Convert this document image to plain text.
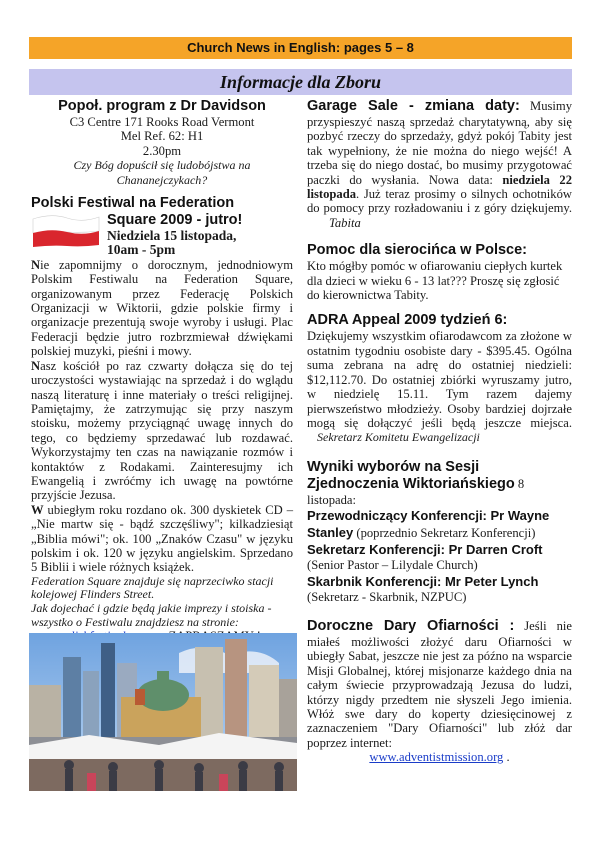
Church News in English: pages 5 – 8
Informacje dla Zboru
Popoł. program z Dr Davidson
C3 Centre 171 Rooks Road Vermont
Mel Ref. 62: H1
2.30pm
Czy Bóg dopuścił się ludobójstwa na Chananejczykach?
Polski Festiwal na Federation
Square 2009 - jutro!
Niedziela 15 listopada,
10am - 5pm
Nie zapomnijmy o dorocznym, jednodniowym Polskim Festiwalu na Federation Square, organizowanym przez Federację Polskich Organizacji w Wiktorii, gdzie polskie firmy i organizacje prezentują swoje wyroby i usługi. Plac Federacji będzie jutro rozbrzmiewał dźwiękami polskiej muzyki, pieśni i mowy.
Nasz kościół po raz czwarty dołącza się do tej uroczystości wystawiając na sprzedaż i do wglądu naszą literaturę i inne materiały o treści religijnej. Pamiętajmy, że zatrzymując się przy naszym stoisku, możemy przyciągnąć uwagę innych do tego, co będziemy sprzedawać lub rozdawać. Wykorzystajmy ten czas na nawiązanie rozmów i kontaktów z Rodakami. Zainteresujmy ich Ewangelią i zwróćmy ich uwagę na powtórne przyjście Jezusa.
W ubiegłym roku rozdano ok. 300 dyskietek CD – „Nie martw się - bądź szczęśliwy"; kilkadziesiąt „Biblia mówi"; ok. 100 „Znaków Czasu" w języku polskim i ok. 120 w języku angielskim. Sprzedano 5 Biblii i wiele różnych książek.
Federation Square znajduje się naprzeciwko stacji kolejowej Flinders Street.
Jak dojechać i gdzie będą jakie imprezy i stoiska - wszystko o Festiwalu znajdziesz na stronie:
Garage Sale - zmiana daty: Musimy przyspieszyć naszą sprzedaż charytatywną, aby się pozbyć rzeczy do sprzedaży, gdyż pokój Tabity jest tak wypełniony, że nie można do niego wejść! A trzeba się do niego dostać, bo musimy przygotować paczki do wysłania. Nowa data: niedziela 22 listopada. Już teraz prosimy o silnych ochotników do pomocy przy rozładowaniu i z góry dziękujemy. Tabita
Pomoc dla sierocińca w Polsce:
Kto mógłby pomóc w ofiarowaniu ciepłych kurtek dla dzieci w wieku 6 - 13 lat??? Proszę się zgłosić do kierownictwa Tabity.
ADRA Appeal 2009 tydzień 6:
Dziękujemy wszystkim ofiarodawcom za złożone w ostatnim tygodniu osobiste dary - $395.45. Ogólna suma zebrana na adrę do ostatniej niedzieli: $12,112.70. Do ostatniej zbiórki wyruszamy jutro, w niedzielę 15.11. Tym razem dajemy pierwszeństwo młodzieży. Osoby bardziej dojrzałe mogą się dołączyć jeśli będą jeszcze miejsca. Sekretarz Komitetu Ewangelizacji
Wyniki wyborów na Sesji Zjednoczenia Wiktoriańskiego 8 listopada:
Przewodniczący Konferencji: Pr Wayne Stanley (poprzednio Sekretarz Konferencji)
Sekretarz Konferencji: Pr Darren Croft
(Senior Pastor – Lilydale Church)
Skarbnik Konferencji: Mr Peter Lynch
(Sekretarz - Skarbnik, NZPUC)
Doroczne Dary Ofiarności : Jeśli nie miałeś możliwości złożyć daru Ofiarności w ubiegły Sabat, jeszcze nie jest za późno na wsparcie Misji Globalnej, której misjonarze każdego dnia na całym świecie przyprowadzają Jezusa do ludzi, którzy nigdy przedtem nie słyszeli Jego imienia. Włóż swe dary do koperty dziesięcinowej z zaznaczeniem "Dary Ofiarności" lub złóż dar poprzez internet:
www.adventistmission.org .
